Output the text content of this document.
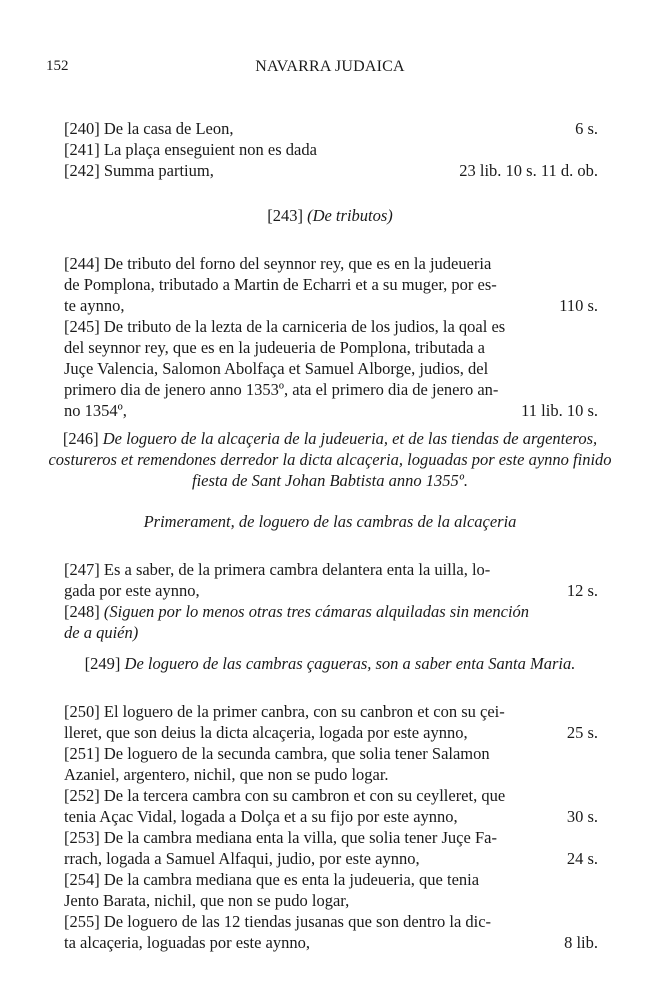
152	NAVARRA JUDAICA
[240] De la casa de Leon,	6 s.
[241] La plaça enseguient non es dada
[242] Summa partium,	23 lib. 10 s. 11 d. ob.
[243] (De tributos)
[244] De tributo del forno del seynnor rey, que es en la judeueria
de Pomplona, tributado a Martin de Echarri et a su muger, por es-
te aynno,	110 s.
[245] De tributo de la lezta de la carniceria de los judios, la qoal es
del seynnor rey, que es en la judeueria de Pomplona, tributada a
Juçe Valencia, Salomon Abolfaça et Samuel Alborge, judios, del
primero dia de jenero anno 1353º, ata el primero dia de jenero an-
no 1354º,	11 lib. 10 s.
[246] De loguero de la alcaçeria de la judeueria, et de las tiendas de argenteros,
costureros et remendones derredor la dicta alcaçeria, loguadas por este aynno finido
fiesta de Sant Johan Babtista anno 1355º.
Primerament, de loguero de las cambras de la alcaçeria
[247] Es a saber, de la primera cambra delantera enta la uilla, lo-
gada por este aynno,	12 s.
[248] (Siguen por lo menos otras tres cámaras alquiladas sin mención
de a quién)
[249] De loguero de las cambras çagueras, son a saber enta Santa Maria.
[250] El loguero de la primer canbra, con su canbron et con su çei-
lleret, que son deius la dicta alcaçeria, logada por este aynno,	25 s.
[251] De loguero de la secunda cambra, que solia tener Salamon
Azaniel, argentero, nichil, que non se pudo logar.
[252] De la tercera cambra con su cambron et con su ceylleret, que
tenia Açac Vidal, logada a Dolça et a su fijo por este aynno,	30 s.
[253] De la cambra mediana enta la villa, que solia tener Juçe Fa-
rrach, logada a Samuel Alfaqui, judio, por este aynno,	24 s.
[254] De la cambra mediana que es enta la judeueria, que tenia
Jento Barata, nichil, que non se pudo logar,
[255] De loguero de las 12 tiendas jusanas que son dentro la dic-
ta alcaçeria, loguadas por este aynno,	8 lib.
